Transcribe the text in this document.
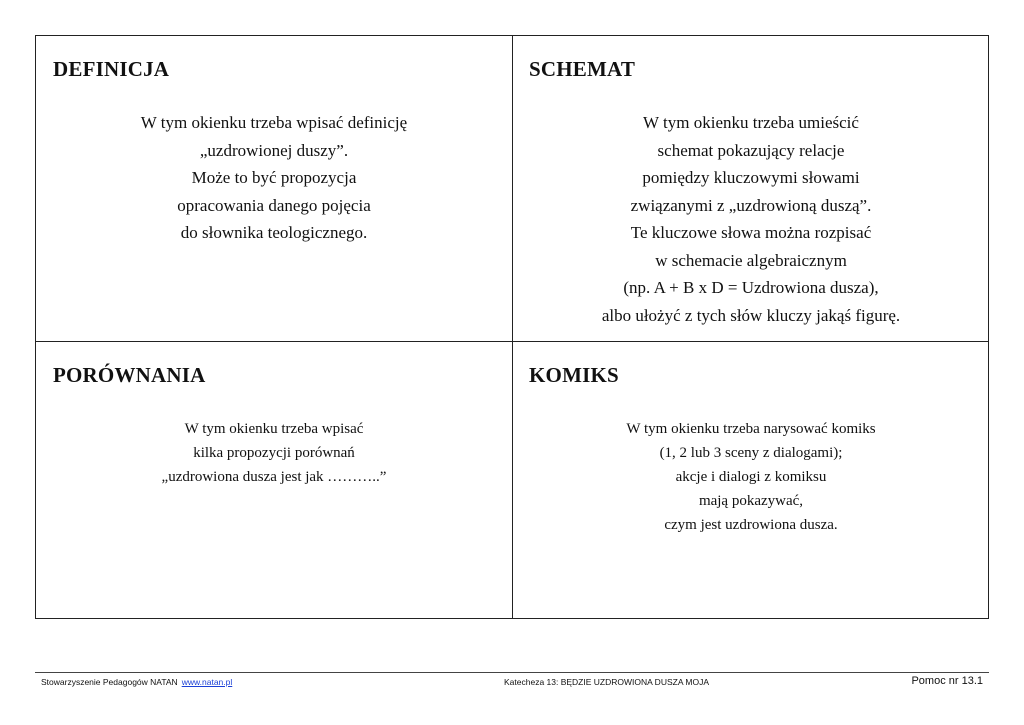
DEFINICJA
W tym okienku trzeba wpisać definicję
„uzdrowionej duszy”.
Może to być propozycja
opracowania danego pojęcia
do słownika teologicznego.
SCHEMAT
W tym okienku trzeba umieścić
schemat pokazujący relacje
pomiędzy kluczowymi słowami
związanymi z „uzdrowioną duszą”.
Te kluczowe słowa można rozpisać
w schemacie algebraicznym
(np. A + B x D = Uzdrowiona dusza),
albo ułożyć z tych słów kluczy jakąś figurę.
PORÓWNANIA
W tym okienku trzeba wpisać
kilka propozycji porównań
„uzdrowiona dusza jest jak ………..”
KOMIKS
W tym okienku trzeba narysować komiks
(1, 2 lub 3 sceny z dialogami);
akcje i dialogi z komiksu
mają pokazywać,
czym jest uzdrowiona dusza.
Stowarzyszenie Pedagogów NATAN www.natan.pl	Katecheza 13: BĘDZIE UZDROWIONA DUSZA MOJA	Pomoc nr 13.1
